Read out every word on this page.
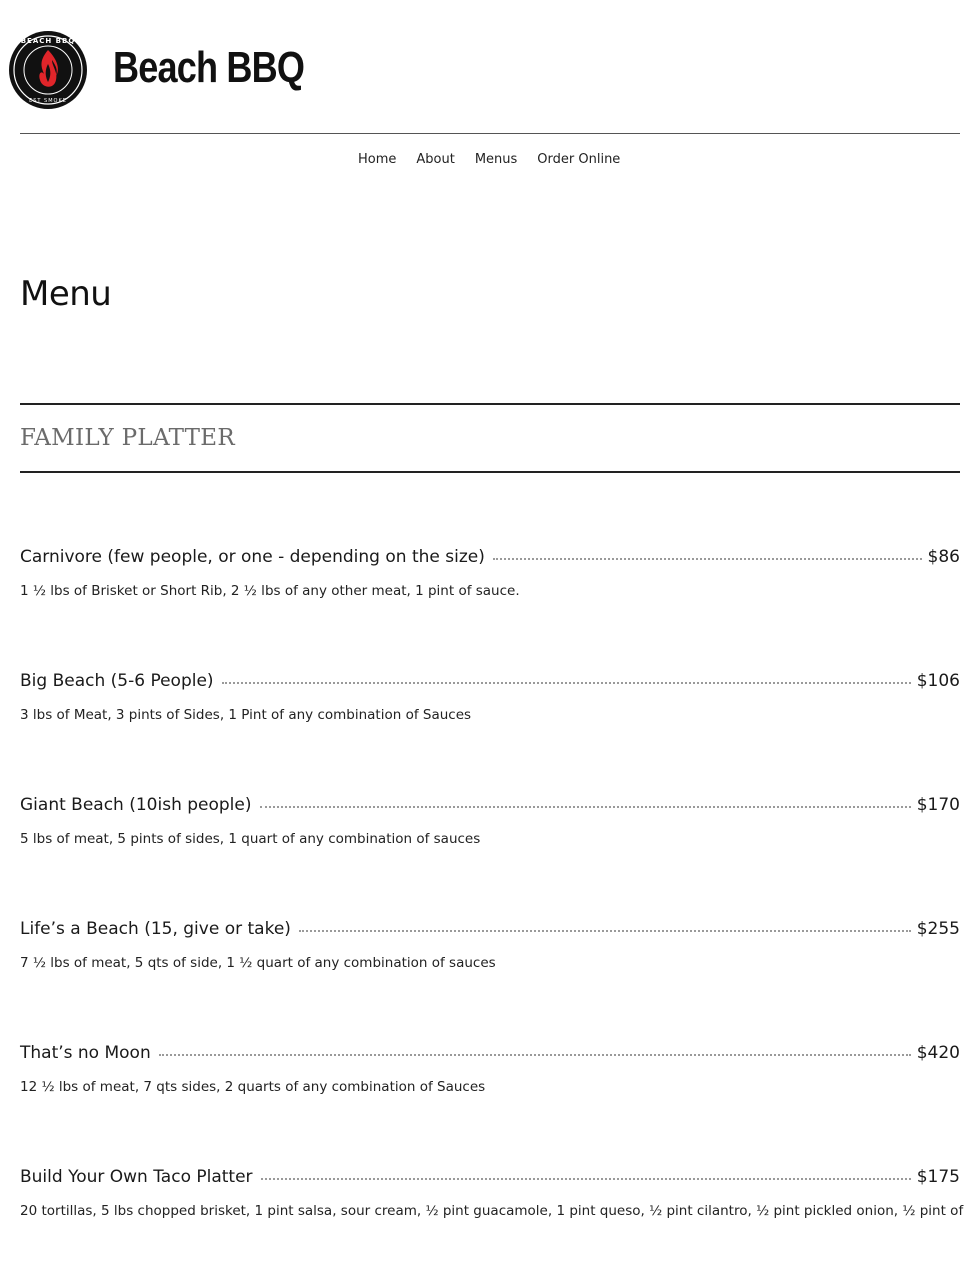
BEACH BBQ
EST SMOKE
Beach BBQ
Home	About	Menus	Order Online
Menu
FAMILY PLATTER
Carnivore (few people, or one - depending on the size)	$86
1 ½ lbs of Brisket or Short Rib, 2 ½ lbs of any other meat, 1 pint of sauce.
Big Beach (5-6 People)	$106
3 lbs of Meat, 3 pints of Sides, 1 Pint of any combination of Sauces
Giant Beach (10ish people)	$170
5 lbs of meat, 5 pints of sides, 1 quart of any combination of sauces
Life’s a Beach (15, give or take)	$255
7 ½ lbs of meat, 5 qts of side, 1 ½ quart of any combination of sauces
That’s no Moon	$420
12 ½ lbs of meat, 7 qts sides, 2 quarts of any combination of Sauces
Build Your Own Taco Platter	$175
20 tortillas, 5 lbs chopped brisket, 1 pint salsa, sour cream, ½ pint guacamole, 1 pint queso, ½ pint cilantro, ½ pint pickled onion, ½ pint of
